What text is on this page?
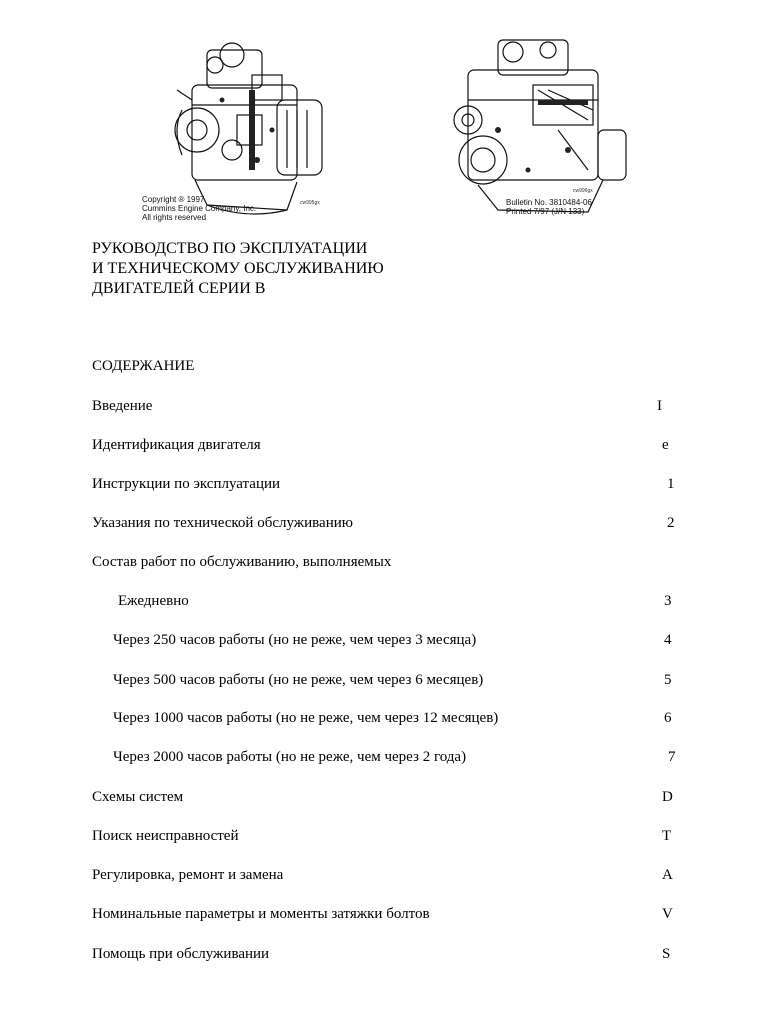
cw995gx
Copyright ® 1997
Cummins Engine Company, Inc.
All rights reserved
cw996gx
Bulletin No. 3810484-06
Printed 7/97 (J/N 133)
РУКОВОДСТВО ПО ЭКСПЛУАТАЦИИ
И ТЕХНИЧЕСКОМУ ОБСЛУЖИВАНИЮ
ДВИГАТЕЛЕЙ СЕРИИ В
СОДЕРЖАНИЕ
Введение	I
Идентификация двигателя	e
Инструкции по эксплуатации	1
Указания по технической обслуживанию	2
Состав работ по обслуживанию, выполняемых
Ежедневно	3
Через 250 часов работы (но не реже, чем через 3 месяца)	4
Через 500 часов работы (но не реже, чем через 6 месяцев)	5
Через 1000 часов работы (но не реже, чем через 12 месяцев)	6
Через 2000 часов работы (но не реже, чем через 2 года)	7
Схемы систем	D
Поиск неисправностей	T
Регулировка, ремонт и замена	A
Номинальные параметры и моменты затяжки болтов	V
Помощь при обслуживании	S
